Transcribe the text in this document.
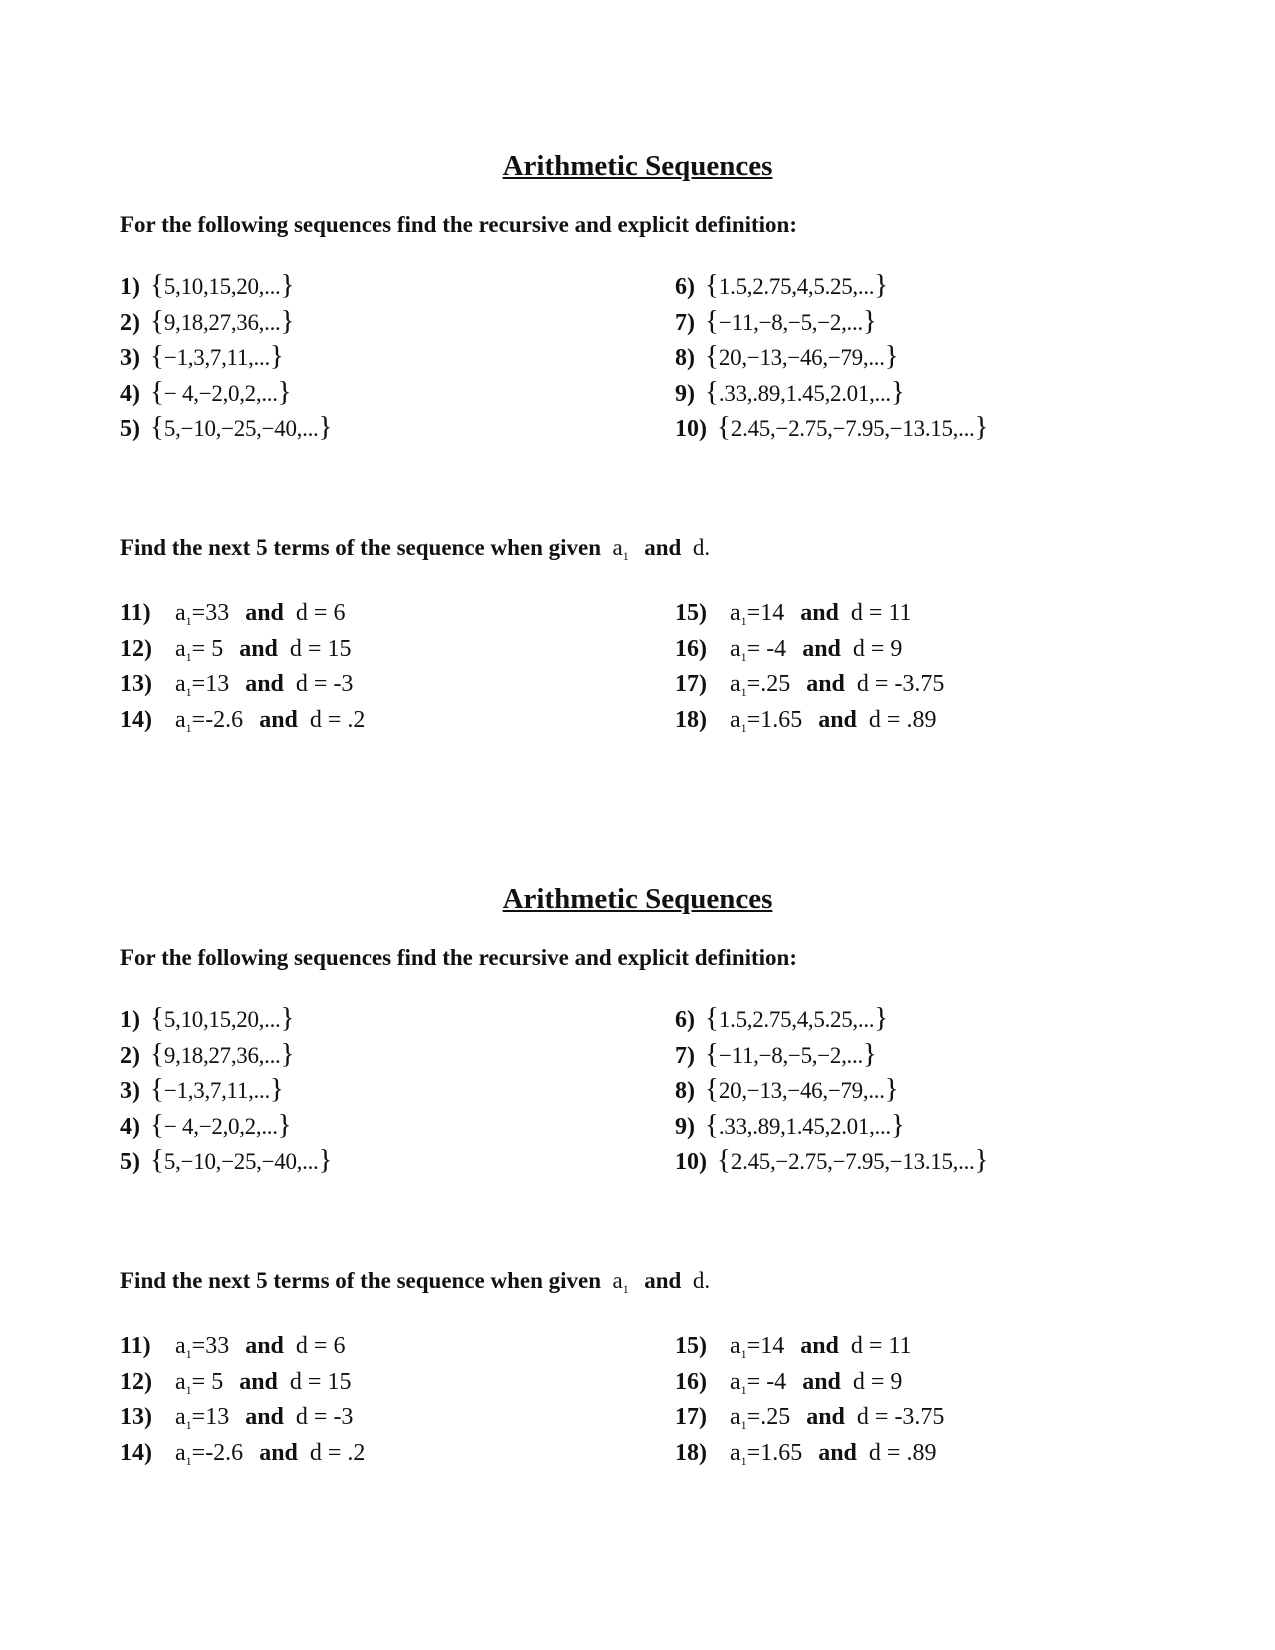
Arithmetic Sequences
For the following sequences find the recursive and explicit definition:
1) { 5,10,15,20,... }
2) { 9,18,27,36,... }
3) { −1,3,7,11,... }
4) { − 4,−2,0,2,... }
5) { 5,−10,−25,−40,... }
6) { 1.5,2.75,4,5.25,... }
7) { −11,−8,−5,−2,... }
8) { 20,−13,−46,−79,... }
9) { .33,.89,1.45,2.01,... }
10) { 2.45,−2.75,−7.95,−13.15,... }
Find the next 5 terms of the sequence when given $a_1$ and d.
11)	$a_1=33$ and d = 6
12) $a_1= 5$ and d = 15
13) $a_1=13$ and d = -3
14) $a_1=-2.6$ and d = .2
15) $a_1=14$ and d = 11
16) $a_1= -4$ and d = 9
17) $a_1=.25$ and d = -3.75
18) $a_1=1.65$ and d = .89
Arithmetic Sequences
For the following sequences find the recursive and explicit definition:
1) { 5,10,15,20,... }
2) { 9,18,27,36,... }
3) { −1,3,7,11,... }
4) { − 4,−2,0,2,... }
5) { 5,−10,−25,−40,... }
6) { 1.5,2.75,4,5.25,... }
7) { −11,−8,−5,−2,... }
8) { 20,−13,−46,−79,... }
9) { .33,.89,1.45,2.01,... }
10) { 2.45,−2.75,−7.95,−13.15,... }
Find the next 5 terms of the sequence when given $a_1$ and d.
11)	$a_1=33$ and d = 6
12) $a_1= 5$ and d = 15
13) $a_1=13$ and d = -3
14) $a_1=-2.6$ and d = .2
15) $a_1=14$ and d = 11
16) $a_1= -4$ and d = 9
17) $a_1=.25$ and d = -3.75
18) $a_1=1.65$ and d = .89
